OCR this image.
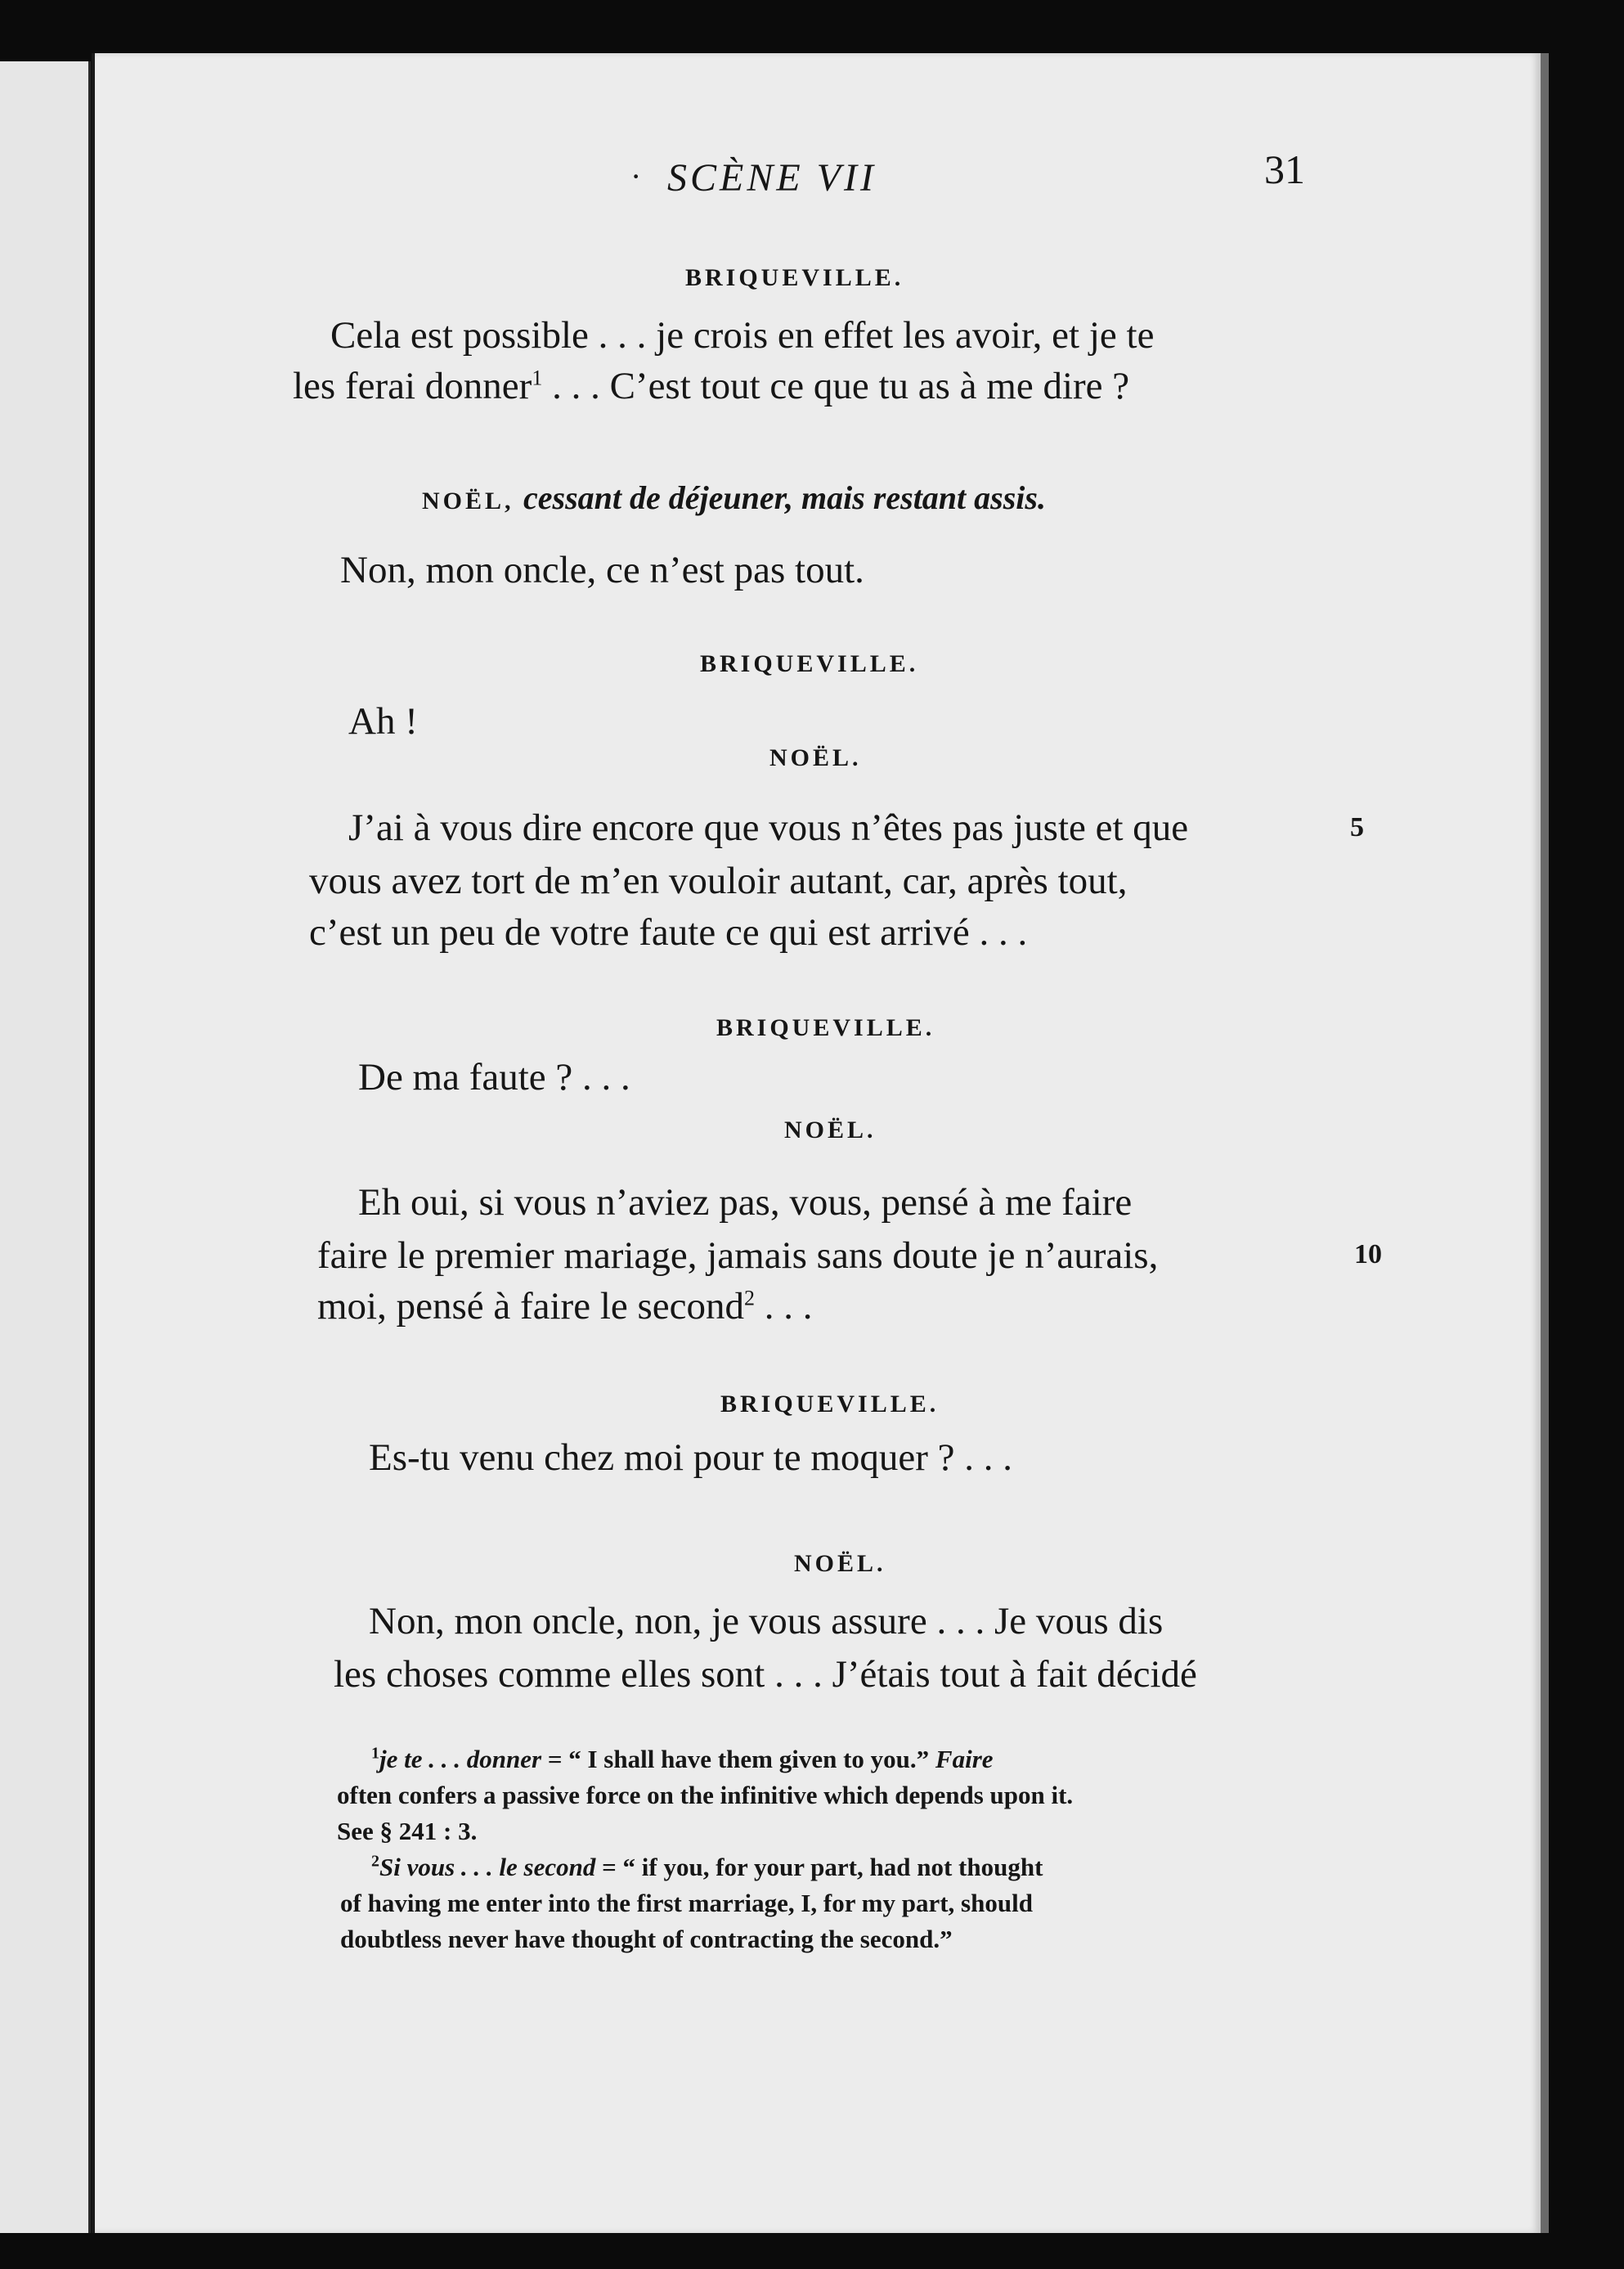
· SCÈNE VII	31
BRIQUEVILLE.
Cela est possible . . . je crois en effet les avoir, et je te
les ferai donner$^1$ . . . C’est tout ce que tu as à me dire ?
NOËL, cessant de déjeuner, mais restant assis.
Non, mon oncle, ce n’est pas tout.
BRIQUEVILLE.
Ah !
NOËL.
J’ai à vous dire encore que vous n’êtes pas juste et que	5
vous avez tort de m’en vouloir autant, car, après tout,
c’est un peu de votre faute ce qui est arrivé . . .
BRIQUEVILLE.
De ma faute ? . . .
NOËL.
Eh oui, si vous n’aviez pas, vous, pensé à me faire
faire le premier mariage, jamais sans doute je n’aurais,	10
moi, pensé à faire le second$^2$ . . .
BRIQUEVILLE.
Es-tu venu chez moi pour te moquer ? . . .
NOËL.
Non, mon oncle, non, je vous assure . . . Je vous dis
les choses comme elles sont . . . J’étais tout à fait décidé
$^1$je te . . . donner = “ I shall have them given to you.” Faire
often confers a passive force on the infinitive which depends upon it.
See § 241 : 3.
$^2$Si vous . . . le second = “ if you, for your part, had not thought
of having me enter into the first marriage, I, for my part, should
doubtless never have thought of contracting the second.”
